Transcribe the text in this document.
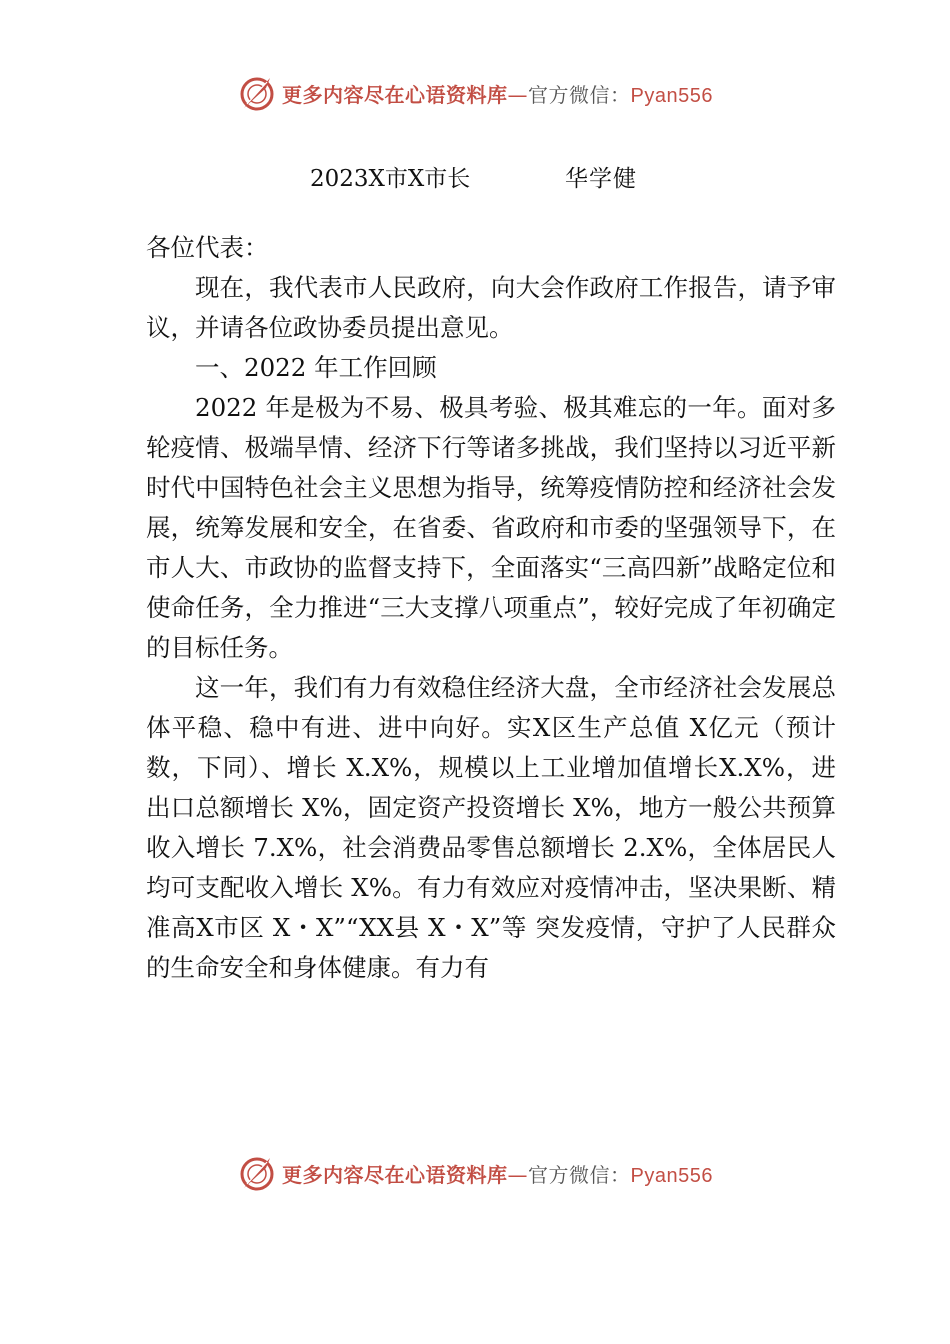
更多内容尽在心语资料库—官方微信：Pyan556
2023X市X市长	华学健

各位代表：

现在，我代表市人民政府，向大会作政府工作报告，请予审议，并请各位政协委员提出意见。

一、2022 年工作回顾

2022 年是极为不易、极具考验、极其难忘的一年。面对多轮疫情、极端旱情、经济下行等诸多挑战，我们坚持以习近平新时代中国特色社会主义思想为指导，统筹疫情防控和经济社会发展，统筹发展和安全，在省委、省政府和市委的坚强领导下，在市人大、市政协的监督支持下，全面落实“三高四新”战略定位和使命任务，全力推进“三大支撑八项重点”，较好完成了年初确定的目标任务。

这一年，我们有力有效稳住经济大盘，全市经济社会发展总体平稳、稳中有进、进中向好。实X区生产总值 X亿元（预计数，下同）、增长 X.X%，规模以上工业增加值增长X.X%，进出口总额增长 X%，固定资产投资增长 X%，地方一般公共预算收入增长 7.X%，社会消费品零售总额增长 2.X%，全体居民人均可支配收入增长 X%。有力有效应对疫情冲击，坚决果断、精准高X市区 X・X”“XX县 X・X”等 突发疫情，守护了人民群众的生命安全和身体健康。有力有

更多内容尽在心语资料库—官方微信：Pyan556
